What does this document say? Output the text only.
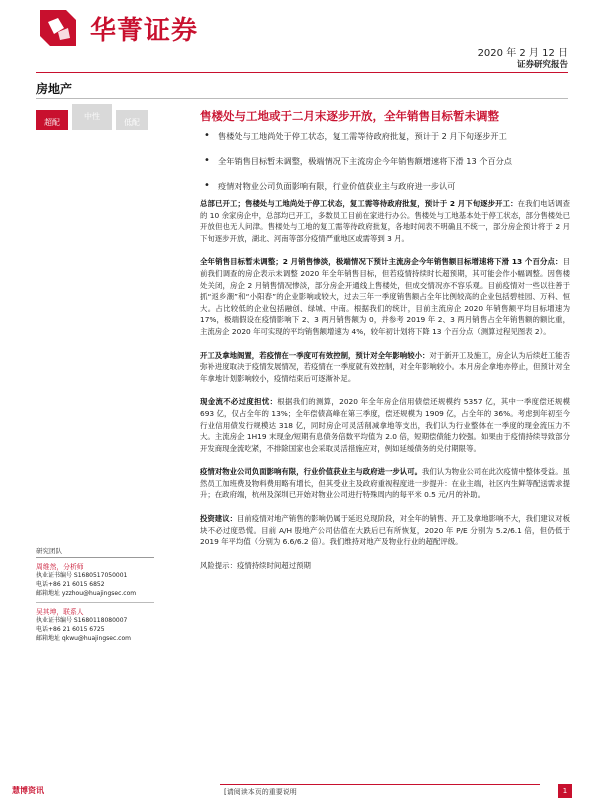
华菁证券
2020 年 2 月 12 日
证券研究报告
房地产
超配
中性
低配	售楼处与工地或于二月末逐步开放，全年销售目标暂未调整
• 售楼处与工地尚处于停工状态，复工需等待政府批复，预计于 2 月下旬逐步开工
• 全年销售目标暂未调整，极端情况下主流房企今年销售额增速将下滑 13 个百分点
• 疫情对物业公司负面影响有限，行业价值获业主与政府进一步认可

总部已开工；售楼处与工地尚处于停工状态，复工需等待政府批复，预计于 2 月下旬逐步开工：在我们电话调查的 10 余家房企中，总部均已开工，多数员工目前在家进行办公。售楼处与工地基本处于停工状态，部分售楼处已开放但也无人问津。售楼处与工地的复工需等待政府批复，各地时间表不明确且不统一，部分房企预计将于 2 月下旬逐步开放，湖北、河南等部分疫情严重地区或需等到 3 月。

全年销售目标暂未调整；2 月销售惨淡，极端情况下预计主流房企今年销售额目标增速将下滑 13 个百分点：目前我们调查的房企表示未调整 2020 年全年销售目标，但若疫情持续时长超预期，其可能会作小幅调整。因售楼处关闭，房企 2 月销售情况惨淡，部分房企开通线上售楼处，但成交情况亦不容乐观。目前疫情对一些以往善于抓“返乡潮”和“小阳春”的企业影响或较大，过去三年一季度销售额占全年比例较高的企业包括碧桂园、万科、恒大。占比较低的企业包括融创、绿城、中南。根据我们的统计，目前主流房企 2020 年销售额平均目标增速为 17%，极端假设在疫情影响下 2、3 两月销售额为 0，并参考 2019 年 2、3 两月销售占全年销售额的额比重，主流房企 2020 年可实现的平均销售额增速为 4%，较年初计划将下降 13 个百分点（测算过程见图表 2）。

开工及拿地阁置，若疫情在一季度可有效控制，预计对全年影响较小：对于新开工及施工，房企认为后续赶工能否弥补进度取决于疫情发展情况，若疫情在一季度就有效控制，对全年影响较小。本月房企拿地亦停止，但预计对全年拿地计划影响较小，疫情结束后可逐渐补足。

现金流不必过度担忧：根据我们的测算，2020 年全年房企信用债偿还规模约 5357 亿，其中一季度偿还规模 693 亿，仅占全年的 13%；全年偿债高峰在第三季度，偿还规模为 1909 亿，占全年的 36%。考虑到年初至今行业信用债发行规模达 318 亿，同时房企可灵活削减拿地等支出，我们认为行业整体在一季度的现金流压力不大。主流房企 1H19 末现金/短期有息债务倍数平均值为 2.0 倍，短期偿债能力较强。如果由于疫情持续导致部分开发商现金流吃紧，不排除国家也会采取灵活措施应对，例如延缓债务的兑付期限等。

疫情对物业公司负面影响有限，行业价值获业主与政府进一步认可。我们认为物业公司在此次疫情中整体受益。虽然员工加班费及物料费用略有增长，但其受业主及政府重视程度进一步提升：在业主端，社区内生鲜等配送需求提升；在政府端，杭州及深圳已开始对物业公司进行特殊周内的每平米 0.5 元/月的补助。

投资建议：目前疫情对地产销售的影响仍属于延迟兑现阶段，对全年的销售、开工及拿地影响不大，我们建议对板块不必过度恐慌。目前 A/H 股地产公司估值在大跌后已有所恢复，2020 年 P/E 分别为 5.2/6.1 倍，但仍低于 2019 年平均值（分别为 6.6/6.2 倍）。我们维持对地产及物业行业的超配评级。

风险提示：疫情持续时间超过预期

研究团队
周维然，分析师
执业证书编号 S1680517050001
电话+86 21 6015 6852
邮箱地址 yzzhou@huajingsec.com
吴其坤，联系人
执业证书编号 S1680118080007
电话+86 21 6015 6725
邮箱地址 qkwu@huajingsec.com
慧博资讯	[请阅读本页的重要说明	1
